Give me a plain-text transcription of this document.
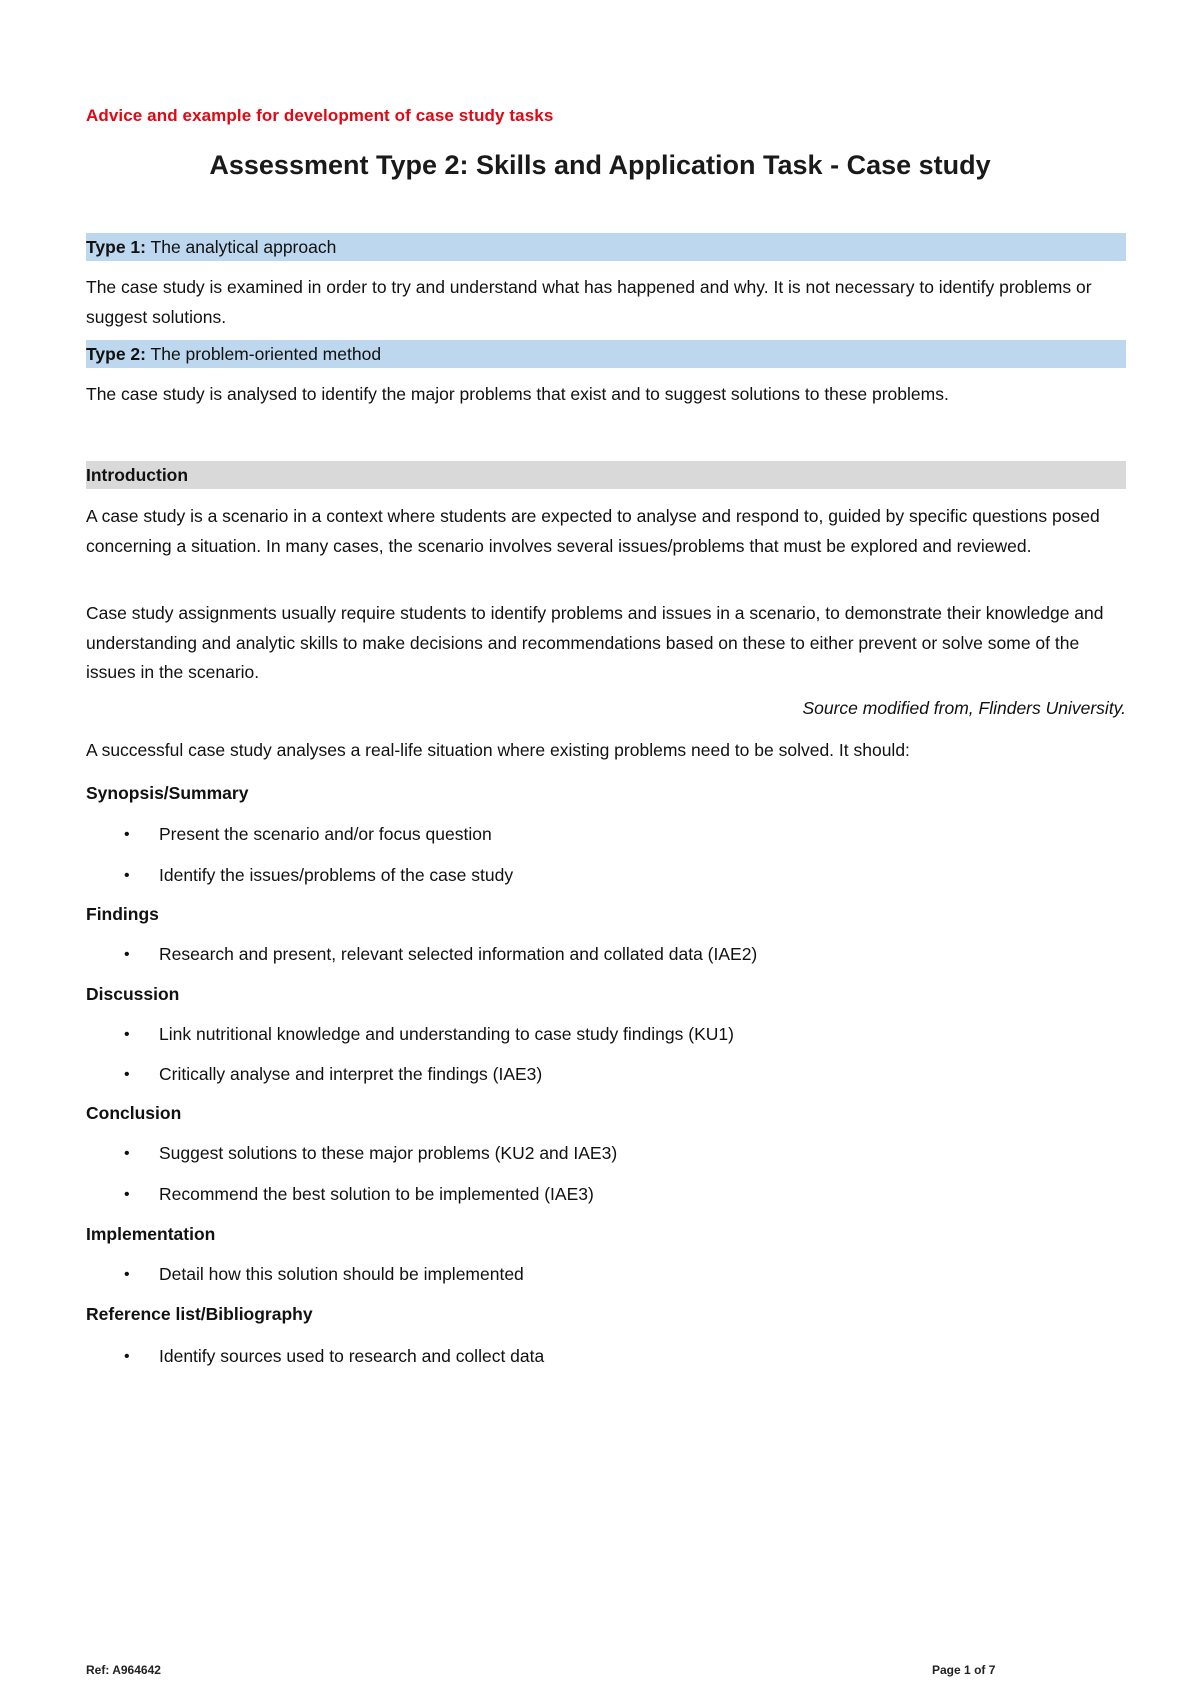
Advice and example for development of case study tasks
Assessment Type 2: Skills and Application Task - Case study
Type 1: The analytical approach

The case study is examined in order to try and understand what has happened and why. It is not necessary to identify problems or suggest solutions.

Type 2: The problem-oriented method

The case study is analysed to identify the major problems that exist and to suggest solutions to these problems.

Introduction

A case study is a scenario in a context where students are expected to analyse and respond to, guided by specific questions posed concerning a situation. In many cases, the scenario involves several issues/problems that must be explored and reviewed.

Case study assignments usually require students to identify problems and issues in a scenario, to demonstrate their knowledge and understanding and analytic skills to make decisions and recommendations based on these to either prevent or solve some of the issues in the scenario.

Source modified from, Flinders University.

A successful case study analyses a real-life situation where existing problems need to be solved. It should:

Synopsis/Summary
• Present the scenario and/or focus question
• Identify the issues/problems of the case study
Findings
• Research and present, relevant selected information and collated data (IAE2)
Discussion
• Link nutritional knowledge and understanding to case study findings (KU1)
• Critically analyse and interpret the findings (IAE3)
Conclusion
• Suggest solutions to these major problems (KU2 and IAE3)
• Recommend the best solution to be implemented (IAE3)
Implementation
• Detail how this solution should be implemented
Reference list/Bibliography
• Identify sources used to research and collect data
Ref: A964642	Page 1 of 7
